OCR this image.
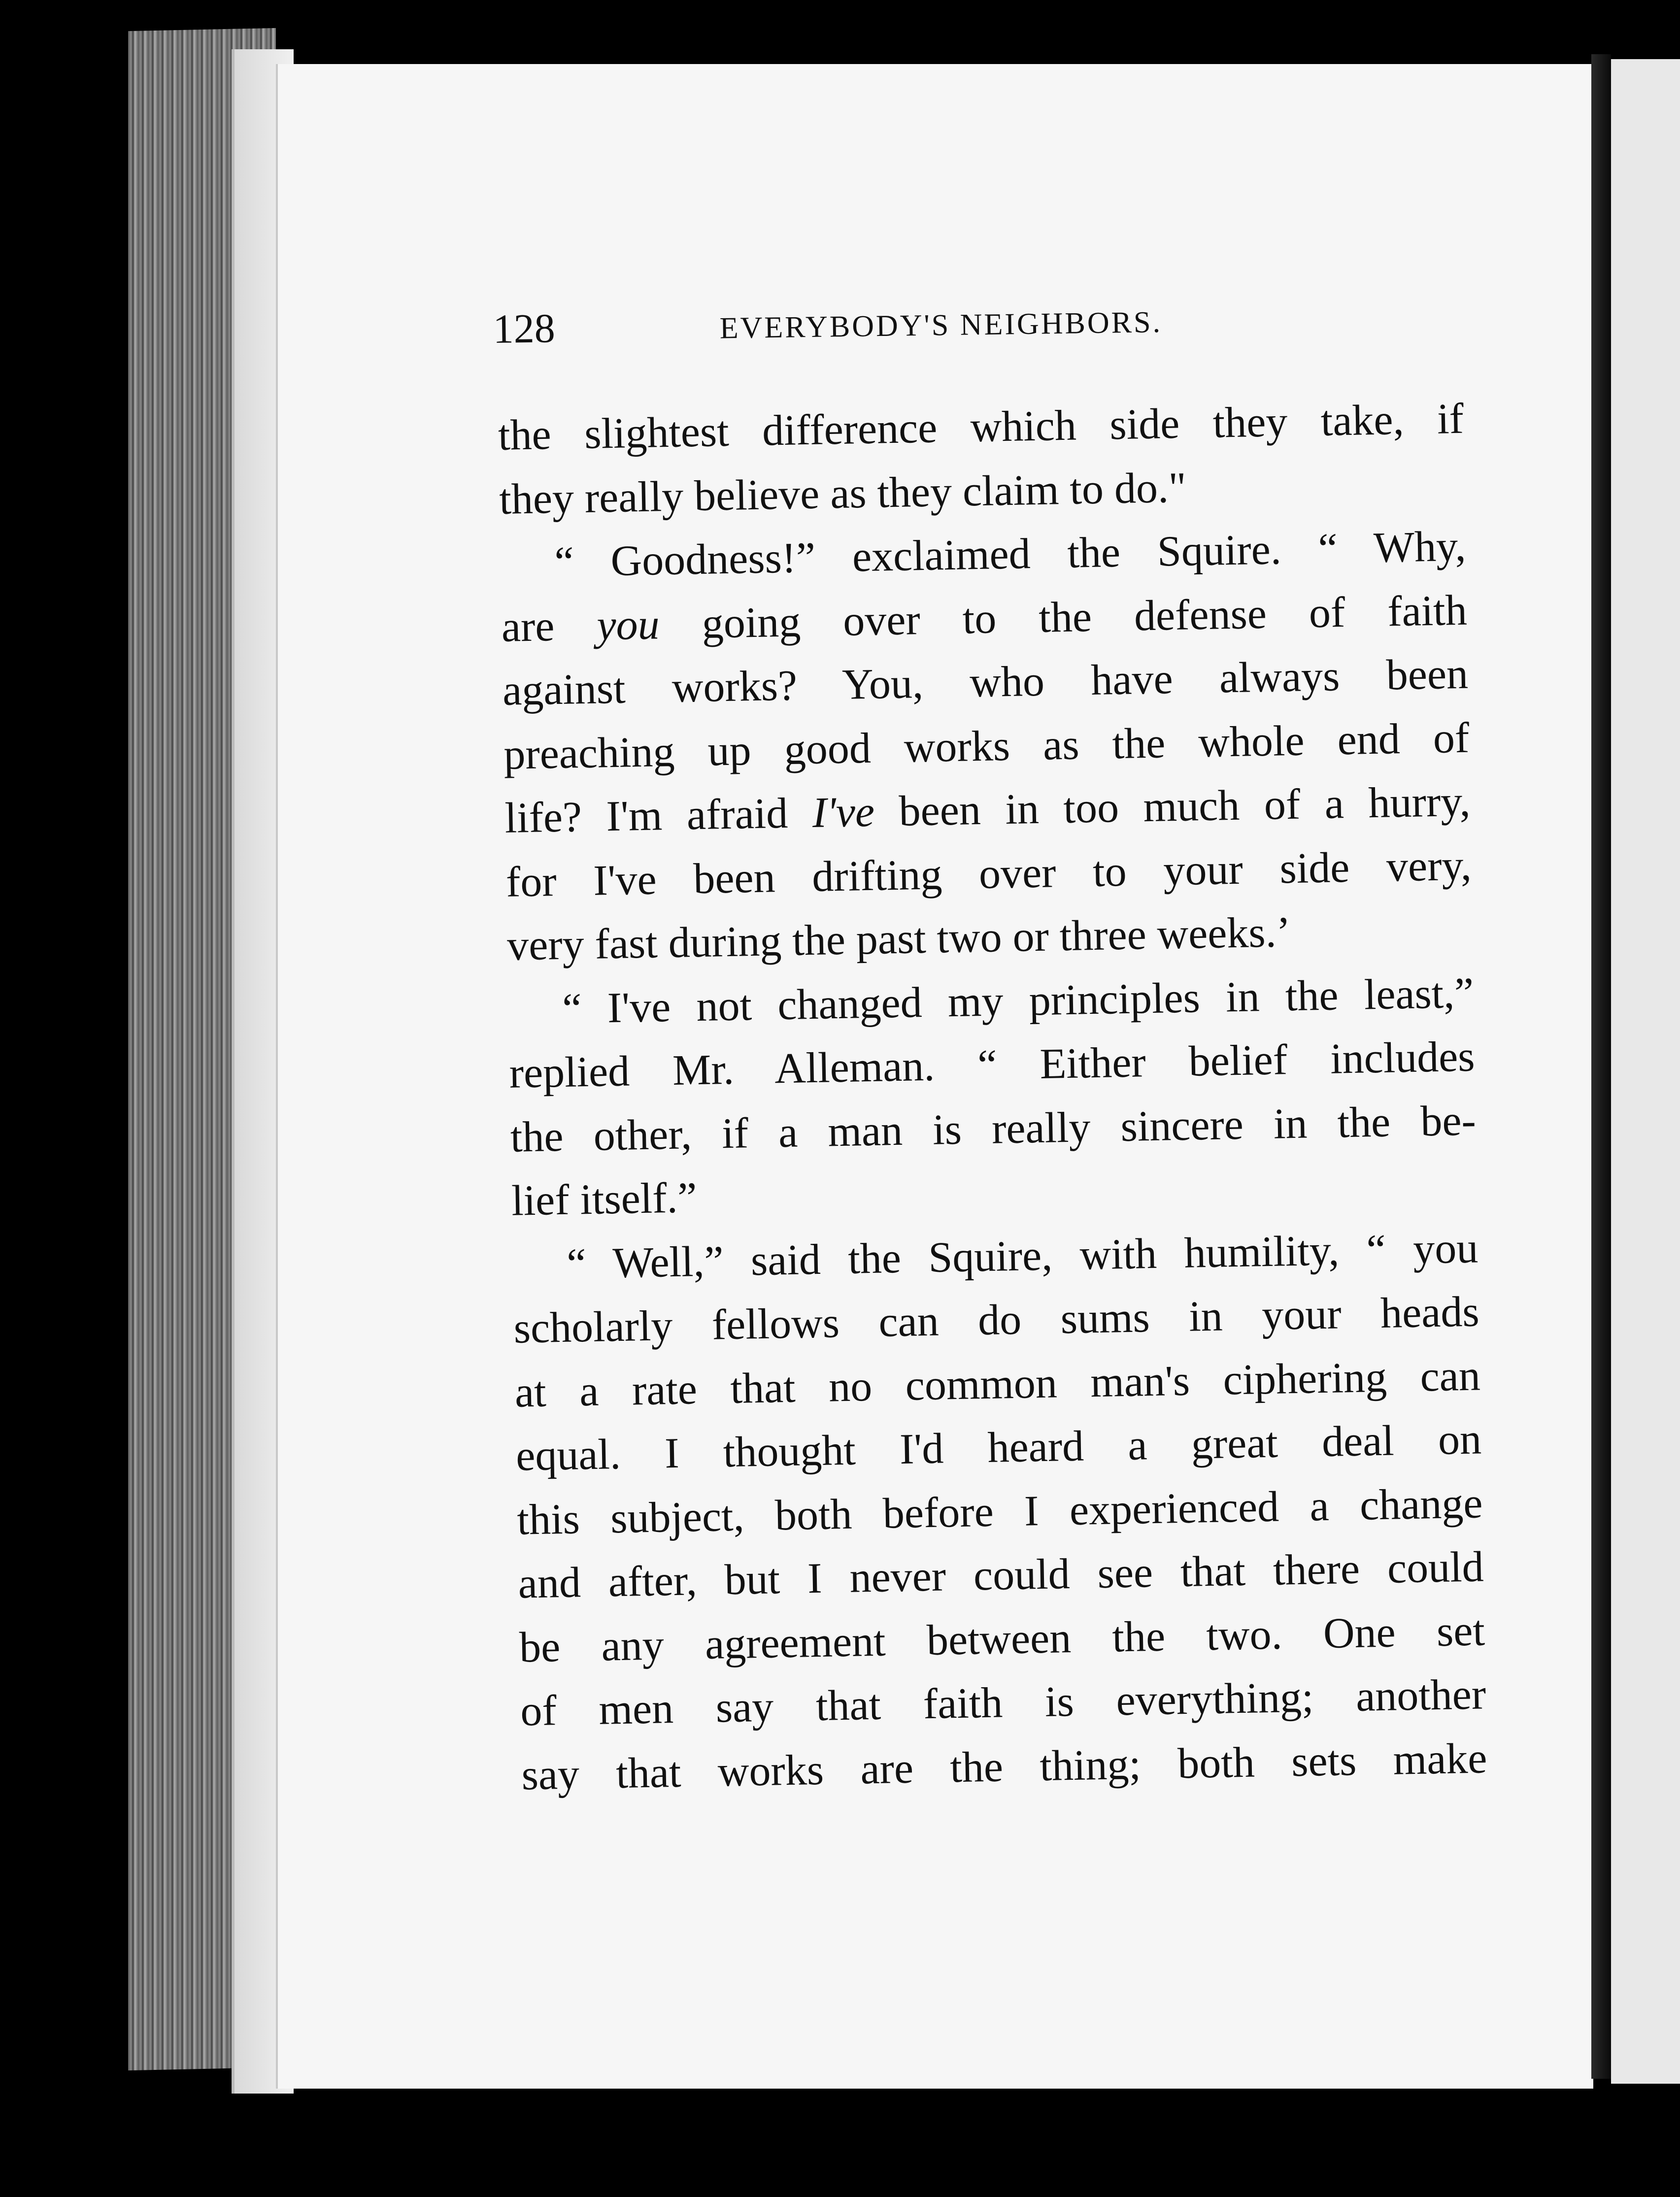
128	EVERYBODY'S NEIGHBORS.
the slightest difference which side they take, if
they really believe as they claim to do."
“ Goodness!” exclaimed the Squire. “ Why,
are you going over to the defense of faith
against works? You, who have always been
preaching up good works as the whole end of
life? I'm afraid I've been in too much of a hurry,
for I've been drifting over to your side very,
very fast during the past two or three weeks.’
“ I've not changed my principles in the least,”
replied Mr. Alleman. “ Either belief includes
the other, if a man is really sincere in the be-
lief itself.”
“ Well,” said the Squire, with humility, “ you
scholarly fellows can do sums in your heads
at a rate that no common man's ciphering can
equal. I thought I'd heard a great deal on
this subject, both before I experienced a change
and after, but I never could see that there could
be any agreement between the two. One set
of men say that faith is everything; another
say that works are the thing; both sets make
